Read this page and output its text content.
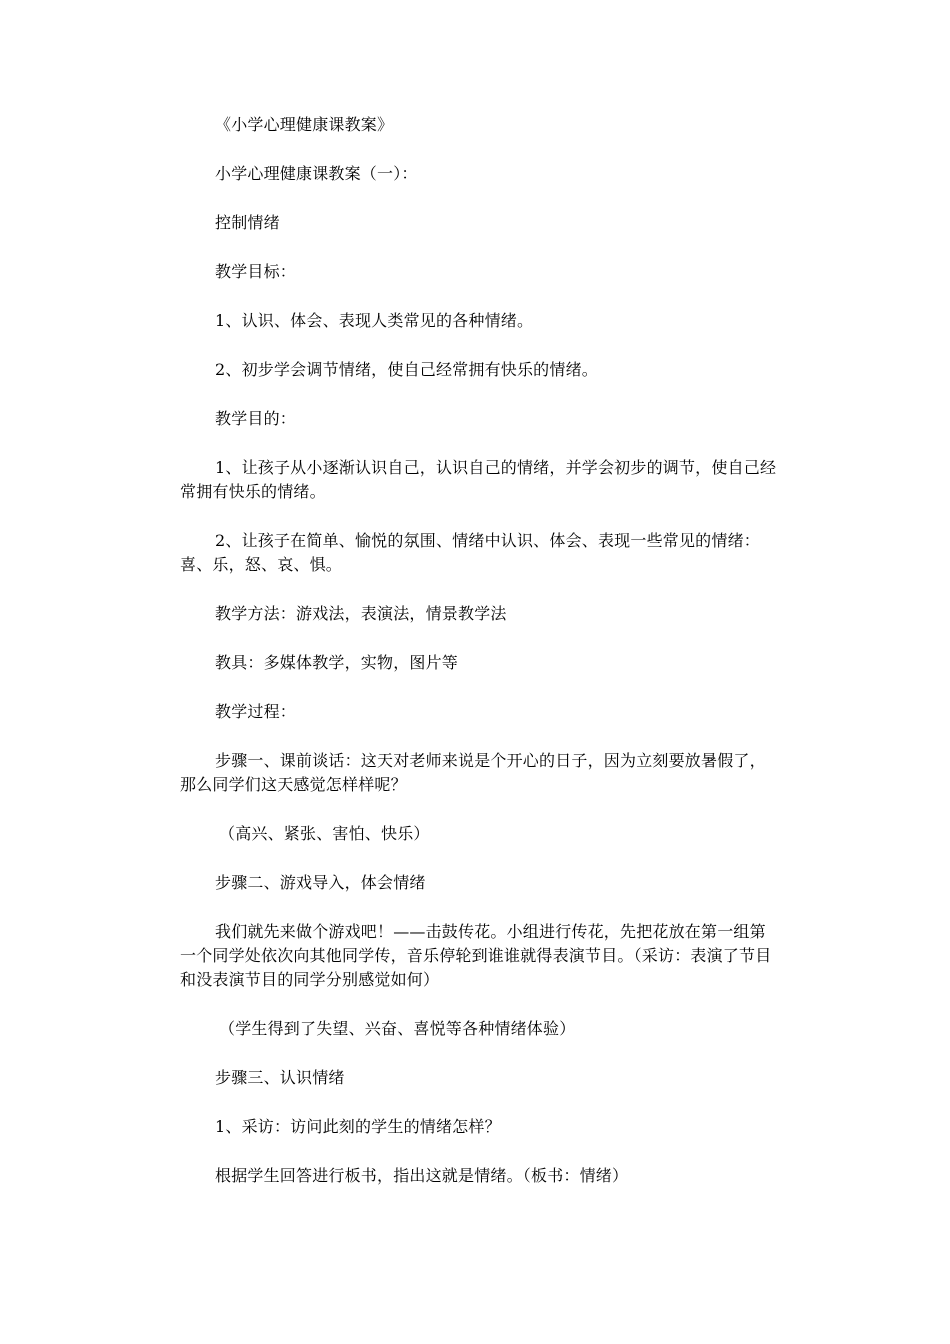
《小学心理健康课教案》

小学心理健康课教案（一）：

控制情绪

教学目标：

1、认识、体会、表现人类常见的各种情绪。

2、初步学会调节情绪，使自己经常拥有快乐的情绪。

教学目的：

1、让孩子从小逐渐认识自己，认识自己的情绪，并学会初步的调节，使自己经常拥有快乐的情绪。

2、让孩子在简单、愉悦的氛围、情绪中认识、体会、表现一些常见的情绪：喜、乐，怒、哀、惧。

教学方法：游戏法，表演法，情景教学法

教具：多媒体教学，实物，图片等

教学过程：

步骤一、课前谈话：这天对老师来说是个开心的日子，因为立刻要放暑假了，那么同学们这天感觉怎样样呢？

（高兴、紧张、害怕、快乐）

步骤二、游戏导入，体会情绪

我们就先来做个游戏吧！——击鼓传花。小组进行传花，先把花放在第一组第一个同学处依次向其他同学传，音乐停轮到谁谁就得表演节目。（采访：表演了节目和没表演节目的同学分别感觉如何）

（学生得到了失望、兴奋、喜悦等各种情绪体验）

步骤三、认识情绪

1、采访：访问此刻的学生的情绪怎样？

根据学生回答进行板书，指出这就是情绪。（板书：情绪）
